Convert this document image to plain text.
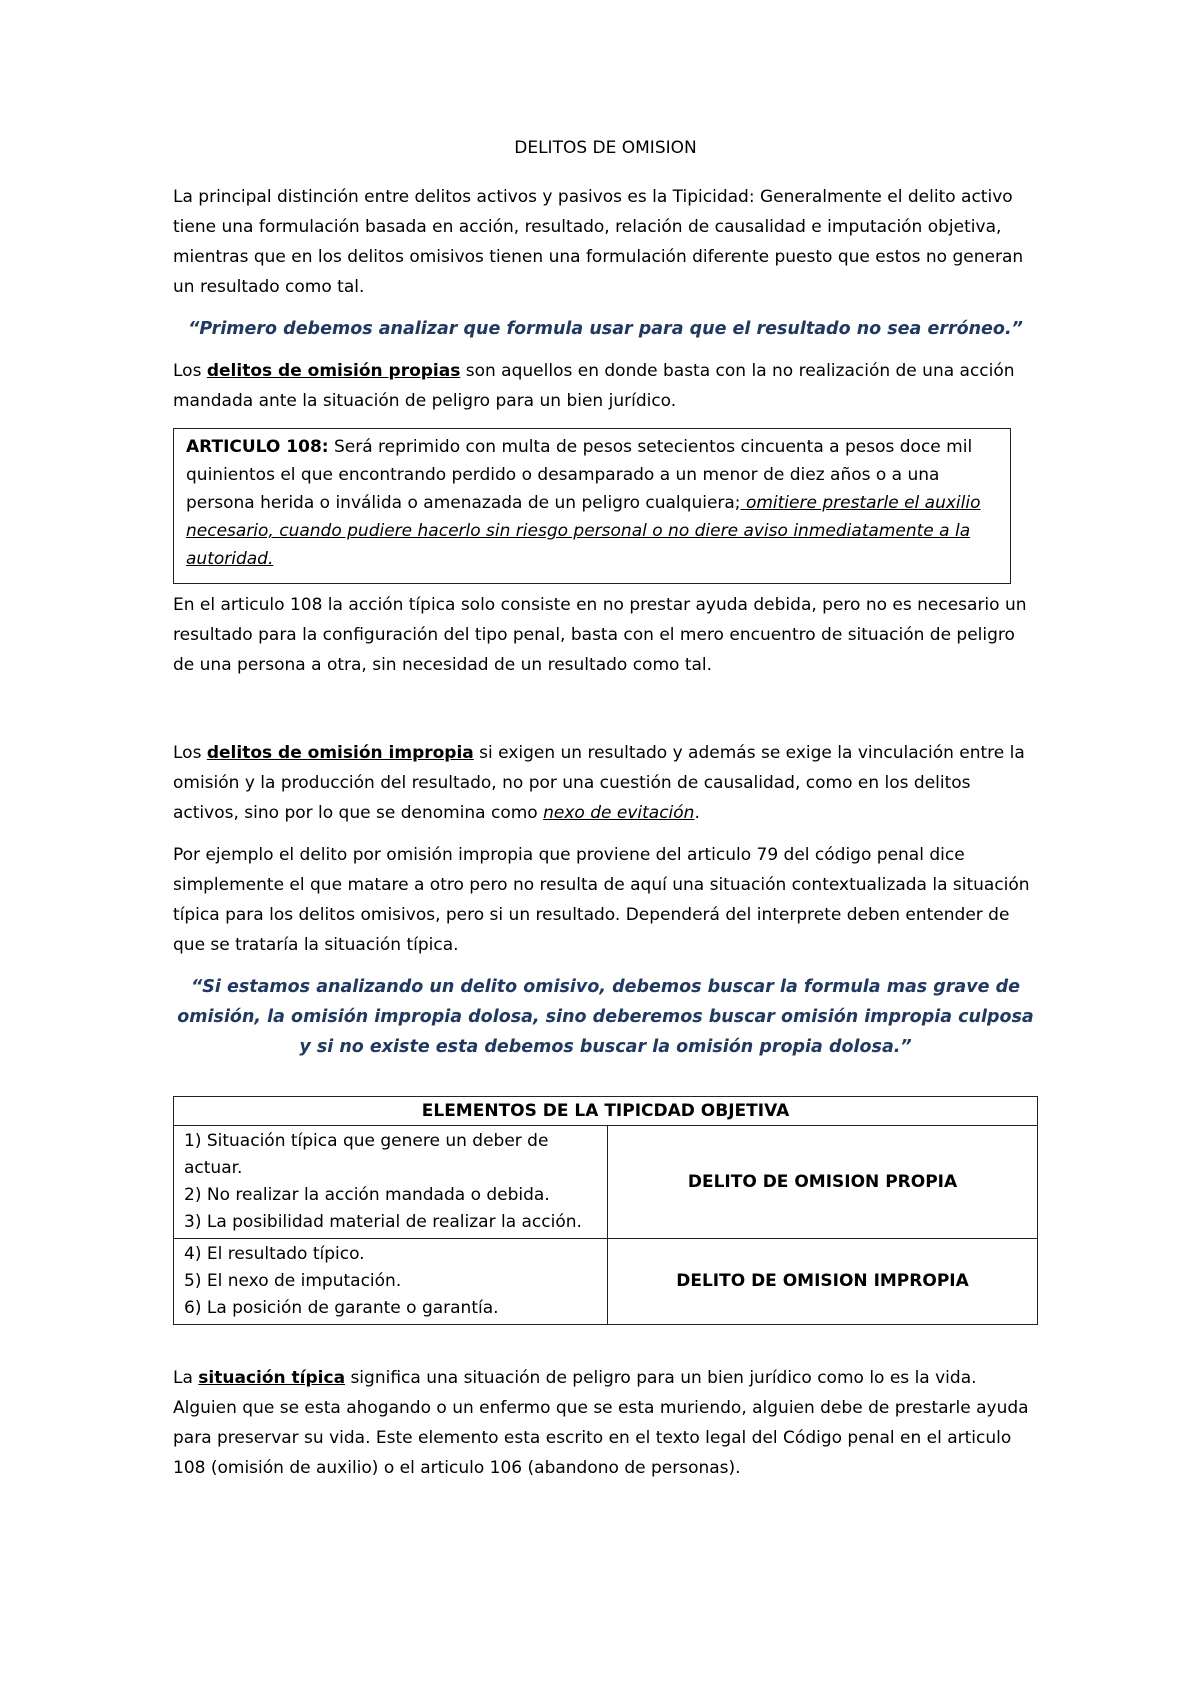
DELITOS DE OMISION

La principal distinción entre delitos activos y pasivos es la Tipicidad: Generalmente el delito activo tiene una formulación basada en acción, resultado, relación de causalidad e imputación objetiva, mientras que en los delitos omisivos tienen una formulación diferente puesto que estos no generan un resultado como tal.

“Primero debemos analizar que formula usar para que el resultado no sea erróneo.”

Los delitos de omisión propias son aquellos en donde basta con la no realización de una acción mandada ante la situación de peligro para un bien jurídico.

ARTICULO 108: Será reprimido con multa de pesos setecientos cincuenta a pesos doce mil quinientos el que encontrando perdido o desamparado a un menor de diez años o a una persona herida o inválida o amenazada de un peligro cualquiera; omitiere prestarle el auxilio necesario, cuando pudiere hacerlo sin riesgo personal o no diere aviso inmediatamente a la autoridad.

En el articulo 108 la acción típica solo consiste en no prestar ayuda debida, pero no es necesario un resultado para la configuración del tipo penal, basta con el mero encuentro de situación de peligro de una persona a otra, sin necesidad de un resultado como tal.

Los delitos de omisión impropia si exigen un resultado y además se exige la vinculación entre la omisión y la producción del resultado, no por una cuestión de causalidad, como en los delitos activos, sino por lo que se denomina como nexo de evitación.

Por ejemplo el delito por omisión impropia que proviene del articulo 79 del código penal dice simplemente el que matare a otro pero no resulta de aquí una situación contextualizada la situación típica para los delitos omisivos, pero si un resultado. Dependerá del interprete deben entender de que se trataría la situación típica.

“Si estamos analizando un delito omisivo, debemos buscar la formula mas grave de omisión, la omisión impropia dolosa, sino deberemos buscar omisión impropia culposa y si no existe esta debemos buscar la omisión propia dolosa.”

ELEMENTOS DE LA TIPICDAD OBJETIVA	

1) Situación típica que genere un deber de actuar.
2) No realizar la acción mandada o debida.
3) La posibilidad material de realizar la acción.	DELITO DE OMISION PROPIA

4) El resultado típico.
5) El nexo de imputación.
6) La posición de garante o garantía.	DELITO DE OMISION IMPROPIA

La situación típica significa una situación de peligro para un bien jurídico como lo es la vida. Alguien que se esta ahogando o un enfermo que se esta muriendo, alguien debe de prestarle ayuda para preservar su vida. Este elemento esta escrito en el texto legal del Código penal en el articulo 108 (omisión de auxilio) o el articulo 106 (abandono de personas).
